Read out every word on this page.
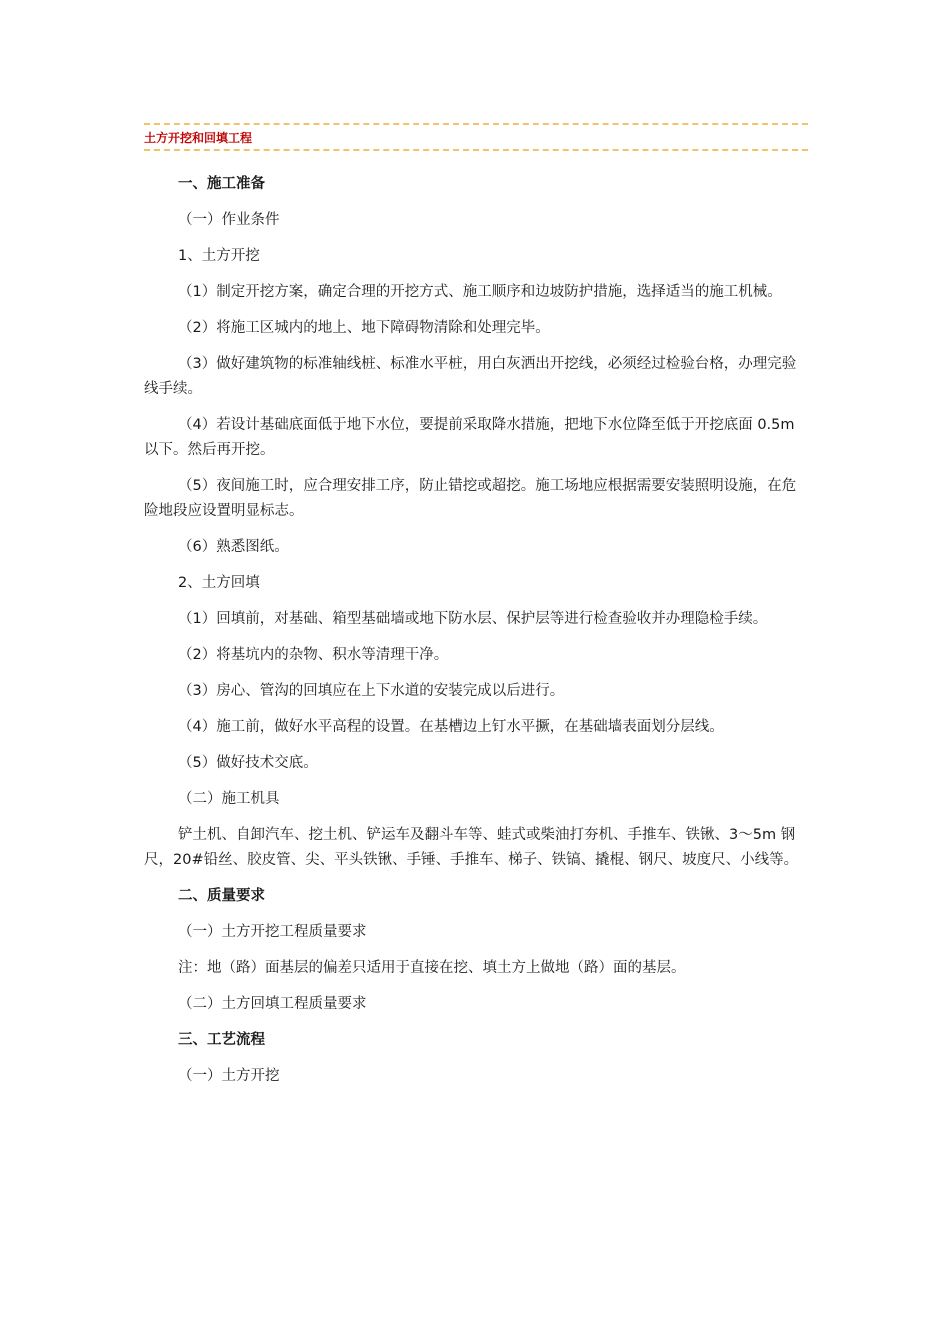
土方开挖和回填工程

一、施工准备

（一）作业条件

1、土方开挖

（1）制定开挖方案，确定合理的开挖方式、施工顺序和边坡防护措施，选择适当的施工机械。

（2）将施工区城内的地上、地下障碍物清除和处理完毕。

（3）做好建筑物的标准轴线桩、标准水平桩，用白灰洒出开挖线，必须经过检验台格，办理完验线手续。

（4）若设计基础底面低于地下水位，要提前采取降水措施，把地下水位降至低于开挖底面 0.5m 以下。然后再开挖。

（5）夜间施工时，应合理安排工序，防止错挖或超挖。施工场地应根据需要安装照明设施，在危险地段应设置明显标志。

（6）熟悉图纸。

2、土方回填

（1）回填前，对基础、箱型基础墙或地下防水层、保护层等进行检查验收并办理隐检手续。

（2）将基坑内的杂物、积水等清理干净。

（3）房心、管沟的回填应在上下水道的安装完成以后进行。

（4）施工前，做好水平高程的设置。在基槽边上钉水平撅，在基础墙表面划分层线。

（5）做好技术交底。

（二）施工机具

铲土机、自卸汽车、挖土机、铲运车及翻斗车等、蛙式或柴油打夯机、手推车、铁锹、3～5m 钢尺，20#铅丝、胶皮管、尖、平头铁锹、手锤、手推车、梯子、铁镐、撬棍、钢尺、坡度尺、小线等。

二、质量要求

（一）土方开挖工程质量要求

注：地（路）面基层的偏差只适用于直接在挖、填土方上做地（路）面的基层。

（二）土方回填工程质量要求

三、工艺流程

（一）土方开挖
